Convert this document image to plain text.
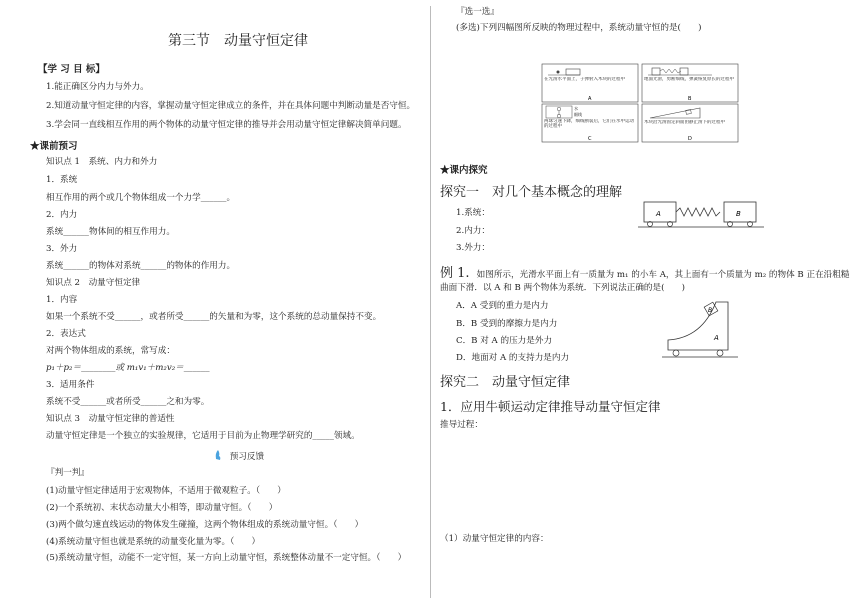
第三节　动量守恒定律
【学 习 目 标】
1.能正确区分内力与外力。
2.知道动量守恒定律的内容，掌握动量守恒定律成立的条件，并在具体问题中判断动量是否守恒。
3.学会同一直线相互作用的两个物体的动量守恒定律的推导并会用动量守恒定律解决简单问题。
★课前预习
知识点 1　系统、内力和外力
1．系统
相互作用的两个或几个物体组成一个力学______。
2．内力
系统______物体间的相互作用力。
3．外力
系统______的物体对系统______的物体的作用力。
知识点 2　动量守恒定律
1．内容
如果一个系统不受______，或者所受______的矢量和为零，这个系统的总动量保持不变。
2．表达式
对两个物体组成的系统，常写成：
p₁＋p₂＝________或 m₁v₁＋m₂v₂＝______
3．适用条件
系统不受______或者所受______之和为零。
知识点 3　动量守恒定律的普适性
动量守恒定律是一个独立的实验规律，它适用于目前为止物理学研究的_____领域。
预习反馈
『判一判』
(1)动量守恒定律适用于宏观物体，不适用于微观粒子。（　　）
(2)一个系统初、末状态动量大小相等，即动量守恒。（　　）
(3)两个做匀速直线运动的物体发生碰撞，这两个物体组成的系统动量守恒。（　　）
(4)系统动量守恒也就是系统的动量变化量为零。（　　）
(5)系统动量守恒，动能不一定守恒，某一方向上动量守恒，系统整体动量不一定守恒。（　　）
『选一选』
(多选)下列四幅图所反映的物理过程中，系统动量守恒的是(　　)
在光滑水平面上，子弹射入木块的过程中
A
地面光滑，剪断细线，弹簧恢复原长的过程中
B
水
细线
两球匀速下降，细线断裂后，它们在水中运动的过程中
C
木块沿光滑固定斜面由静止滑下的过程中
D
★课内探究
探究一　对几个基本概念的理解
1.系统：
2.内力：
3.外力：
A	B
例 1. 如图所示，光滑水平面上有一质量为 m₁ 的小车 A，其上面有一个质量为 m₂ 的物体 B 正在沿粗糙
曲面下滑．以 A 和 B 两个物体为系统．下列说法正确的是(　　)
A．A 受到的重力是内力
B．B 受到的摩擦力是内力
C．B 对 A 的压力是外力
D．地面对 A 的支持力是内力
B
A
探究二　动量守恒定律
1．应用牛顿运动定律推导动量守恒定律
推导过程：
（1）动量守恒定律的内容：
